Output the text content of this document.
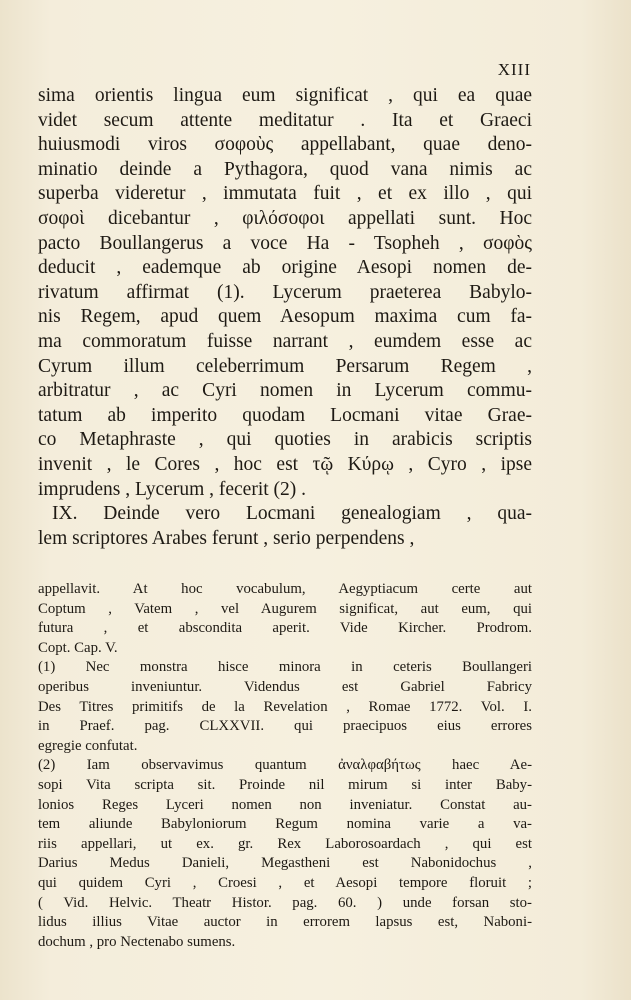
XIII

sima orientis lingua eum significat , qui ea quae

videt secum attente meditatur . Ita et Graeci

huiusmodi viros σοφοὺς appellabant, quae deno-

minatio deinde a Pythagora, quod vana nimis ac

superba videretur , immutata fuit , et ex illo , qui

σοφοὶ dicebantur , φιλόσοφοι appellati sunt. Hoc

pacto Boullangerus a voce Ha - Tsopheh , σοφὸς

deducit , eademque ab origine Aesopi nomen de-

rivatum affirmat (1). Lycerum praeterea Babylo-

nis Regem, apud quem Aesopum maxima cum fa-

ma commoratum fuisse narrant , eumdem esse ac

Cyrum illum celeberrimum Persarum Regem ,

arbitratur , ac Cyri nomen in Lycerum commu-

tatum ab imperito quodam Locmani vitae Grae-

co Metaphraste , qui quoties in arabicis scriptis

invenit , le Cores , hoc est τῷ Κύρῳ , Cyro , ipse

imprudens , Lycerum , fecerit (2) .

IX. Deinde vero Locmani genealogiam , qua-

lem scriptores Arabes ferunt , serio perpendens ,

appellavit. At hoc vocabulum, Aegyptiacum certe aut

Coptum , Vatem , vel Augurem significat, aut eum, qui

futura , et abscondita aperit. Vide Kircher. Prodrom.

Copt. Cap. V.

(1) Nec monstra hisce minora in ceteris Boullangeri

operibus inveniuntur. Videndus est Gabriel Fabricy

Des Titres primitifs de la Revelation , Romae 1772. Vol. I.

in Praef. pag. CLXXVII. qui praecipuos eius errores

egregie confutat.

(2) Iam observavimus quantum ἀναλφαβήτως haec Ae-

sopi Vita scripta sit. Proinde nil mirum si inter Baby-

lonios Reges Lyceri nomen non inveniatur. Constat au-

tem aliunde Babyloniorum Regum nomina varie a va-

riis appellari, ut ex. gr. Rex Laborosoardach , qui est

Darius Medus Danieli, Megastheni est Nabonidochus ,

qui quidem Cyri , Croesi , et Aesopi tempore floruit ;

( Vid. Helvic. Theatr Histor. pag. 60. ) unde forsan sto-

lidus illius Vitae auctor in errorem lapsus est, Naboni-

dochum , pro Nectenabo sumens.
